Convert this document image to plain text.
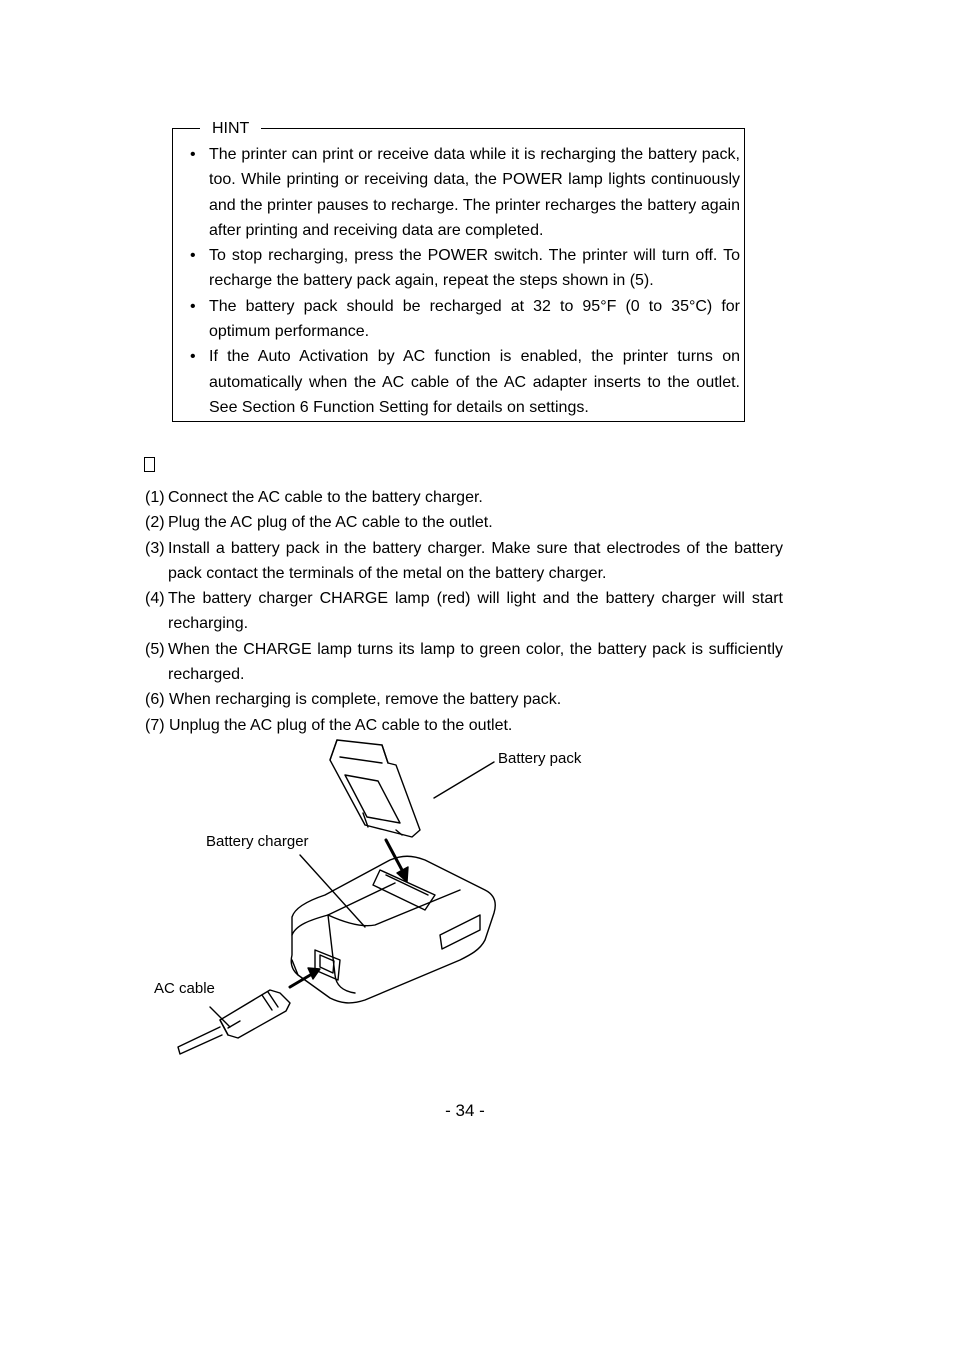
HINT
• The printer can print or receive data while it is recharging the battery pack, too. While printing or receiving data, the POWER lamp lights continuously and the printer pauses to recharge. The printer recharges the battery again after printing and receiving data are completed.
• To stop recharging, press the POWER switch. The printer will turn off. To recharge the battery pack again, repeat the steps shown in (5).
• The battery pack should be recharged at 32 to 95°F (0 to 35°C) for optimum performance.
• If the Auto Activation by AC function is enabled, the printer turns on automatically when the AC cable of the AC adapter inserts to the outlet. See Section 6 Function Setting for details on settings.
(1) Connect the AC cable to the battery charger.
(2) Plug the AC plug of the AC cable to the outlet.
(3) Install a battery pack in the battery charger. Make sure that electrodes of the battery pack contact the terminals of the metal on the battery charger.
(4) The battery charger CHARGE lamp (red) will light and the battery charger will start recharging.
(5) When the CHARGE lamp turns its lamp to green color, the battery pack is sufficiently recharged.
(6) When recharging is complete, remove the battery pack.
(7) Unplug the AC plug of the AC cable to the outlet.
Battery pack
Battery charger
AC cable
- 34 -
